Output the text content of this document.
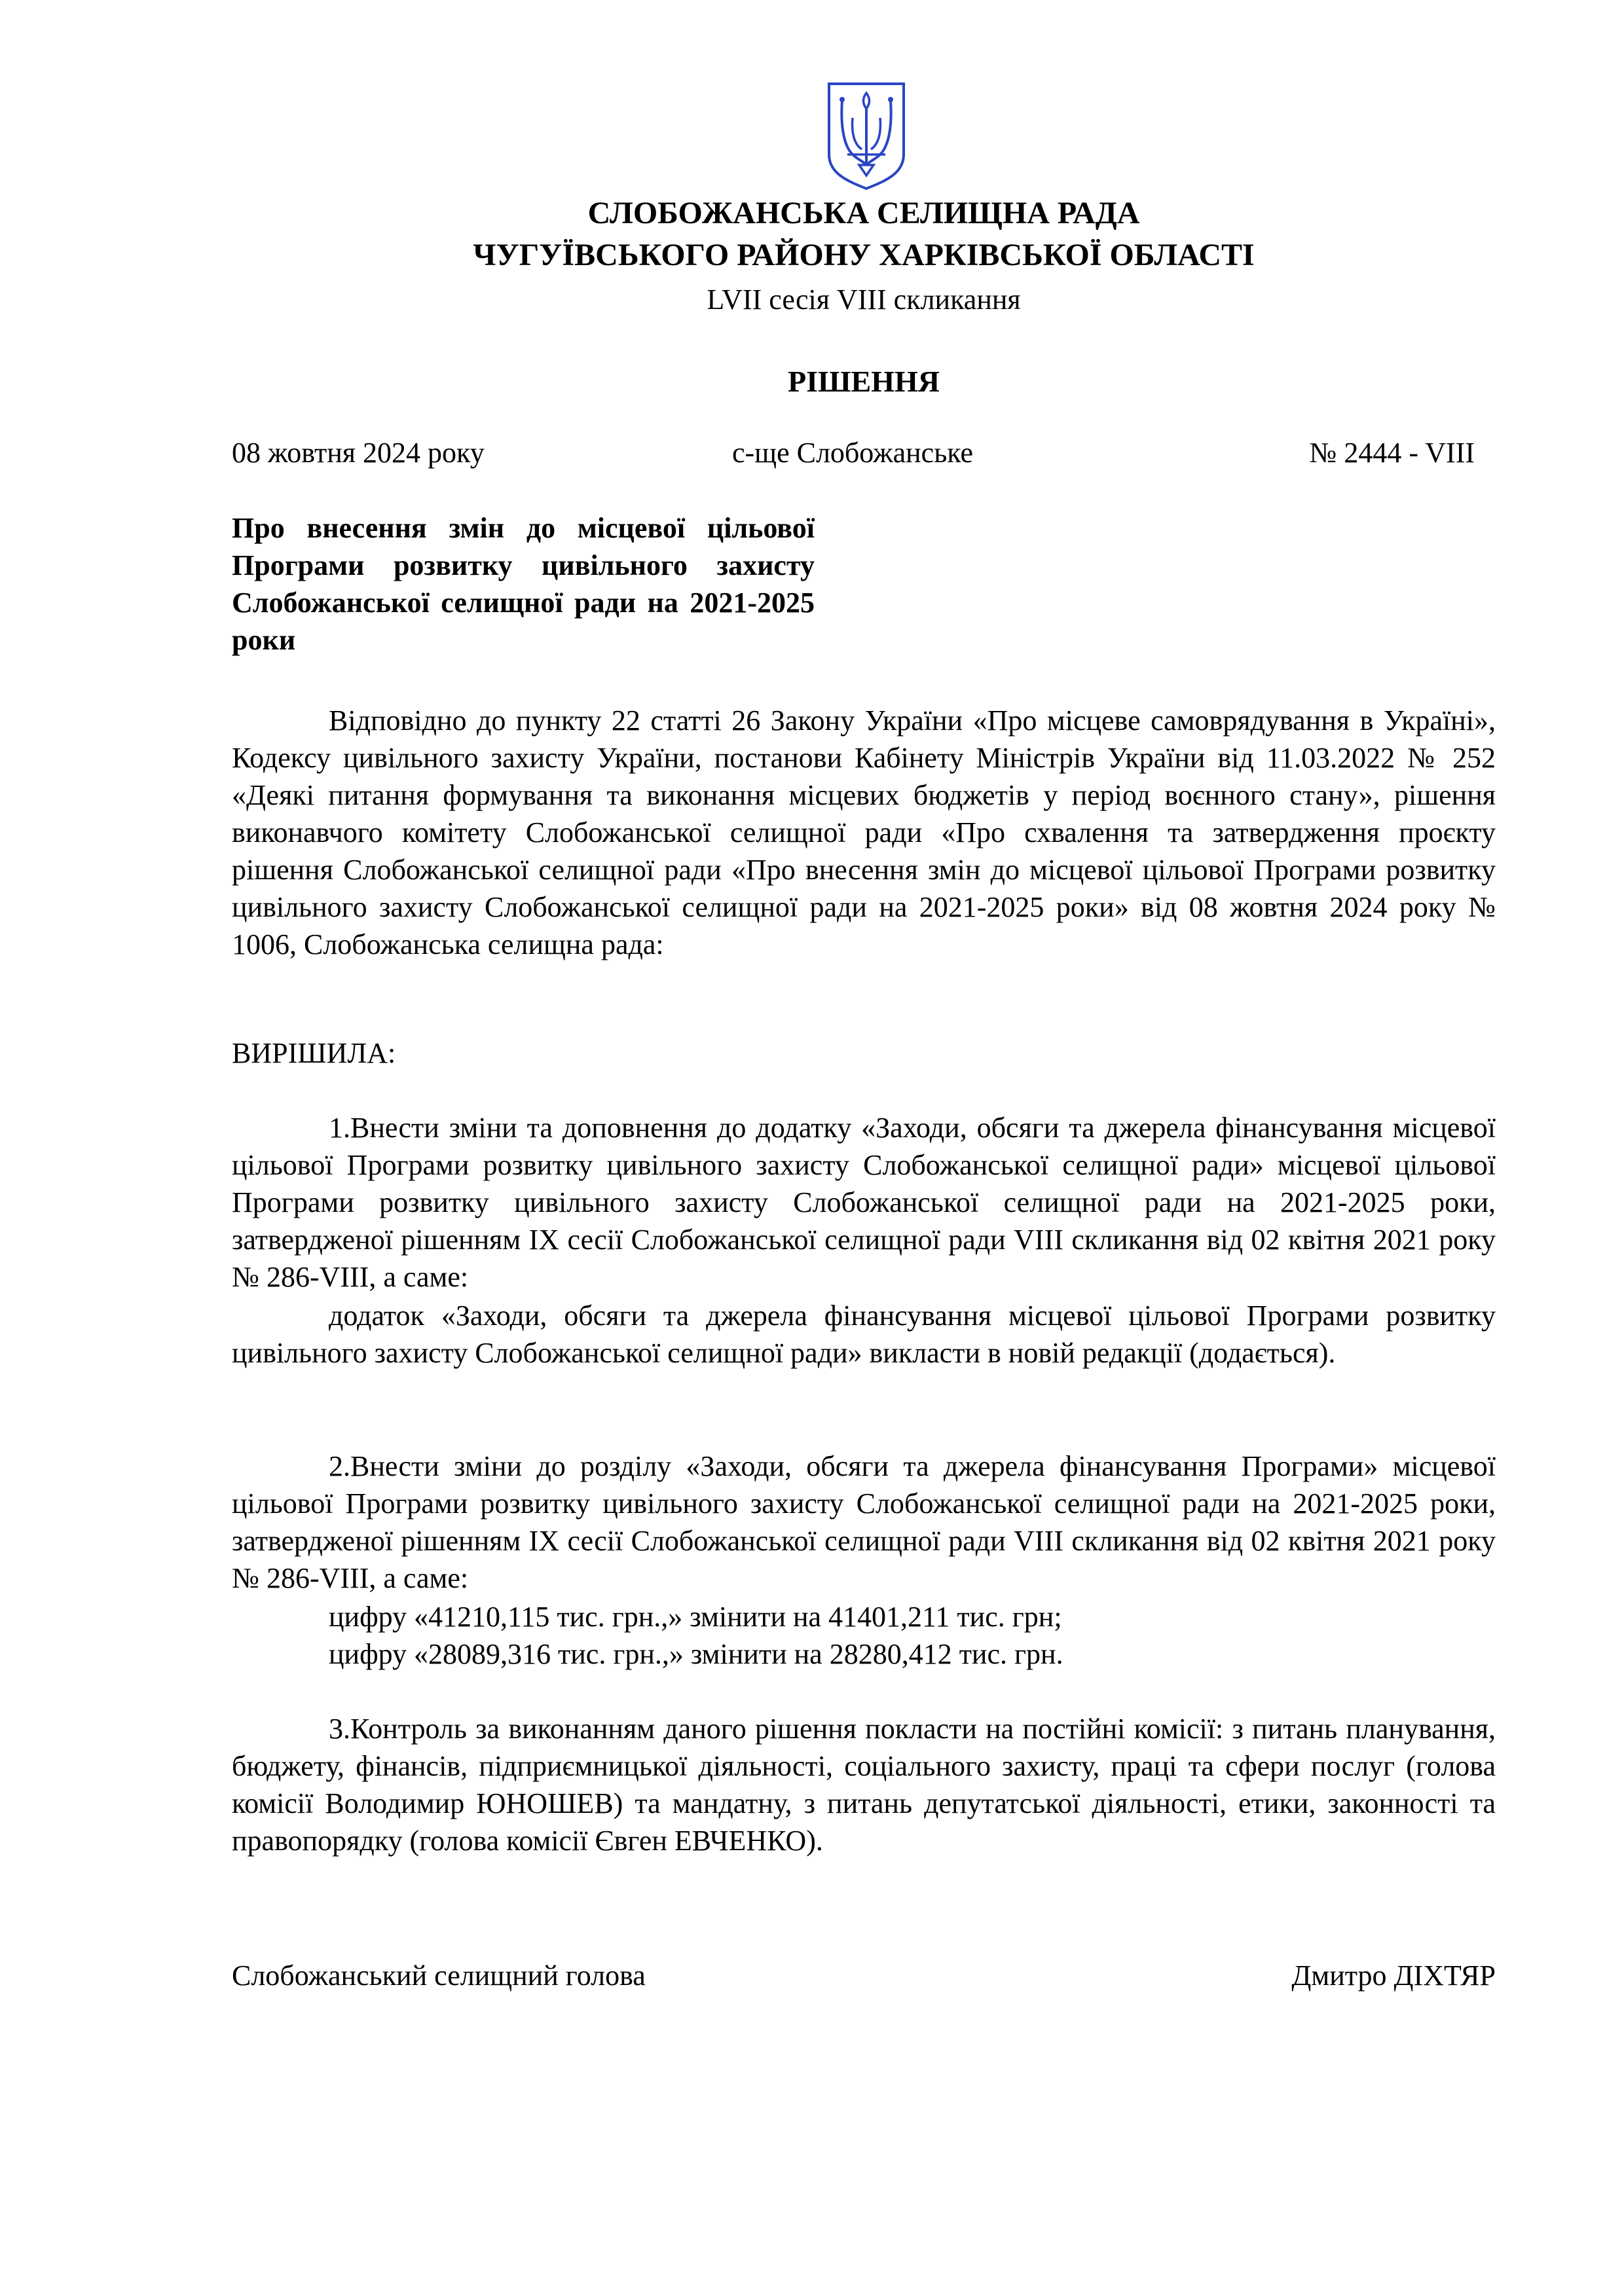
СЛОБОЖАНСЬКА СЕЛИЩНА РАДА
ЧУГУЇВСЬКОГО РАЙОНУ ХАРКІВСЬКОЇ ОБЛАСТІ
LVII сесія VIII скликання
РІШЕННЯ
08 жовтня 2024 року	с-ще Слобожанське	№ 2444 - VIII
Про внесення змін до місцевої цільової Програми розвитку цивільного захисту Слобожанської селищної ради на 2021-2025 роки

Відповідно до пункту 22 статті 26 Закону України «Про місцеве самоврядування в Україні», Кодексу цивільного захисту України, постанови Кабінету Міністрів України від 11.03.2022 № 252 «Деякі питання формування та виконання місцевих бюджетів у період воєнного стану», рішення виконавчого комітету Слобожанської селищної ради «Про схвалення та затвердження проєкту рішення Слобожанської селищної ради «Про внесення змін до місцевої цільової Програми розвитку цивільного захисту Слобожанської селищної ради на 2021-2025 роки» від 08 жовтня 2024 року № 1006, Слобожанська селищна рада:

ВИРІШИЛА:

1.Внести зміни та доповнення до додатку «Заходи, обсяги та джерела фінансування місцевої цільової Програми розвитку цивільного захисту Слобожанської селищної ради» місцевої цільової Програми розвитку цивільного захисту Слобожанської селищної ради на 2021-2025 роки, затвердженої рішенням IX сесії Слобожанської селищної ради VIII скликання від 02 квітня 2021 року № 286-VIII, а саме:

додаток «Заходи, обсяги та джерела фінансування місцевої цільової Програми розвитку цивільного захисту Слобожанської селищної ради» викласти в новій редакції (додається).

2.Внести зміни до розділу «Заходи, обсяги та джерела фінансування Програми» місцевої цільової Програми розвитку цивільного захисту Слобожанської селищної ради на 2021-2025 роки, затвердженої рішенням IX сесії Слобожанської селищної ради VIII скликання від 02 квітня 2021 року № 286-VIII, а саме:

цифру «41210,115 тис. грн.,» змінити на 41401,211 тис. грн;

цифру «28089,316 тис. грн.,» змінити на 28280,412 тис. грн.

3.Контроль за виконанням даного рішення покласти на постійні комісії: з питань планування, бюджету, фінансів, підприємницької діяльності, соціального захисту, праці та сфери послуг (голова комісії Володимир ЮНОШЕВ) та мандатну, з питань депутатської діяльності, етики, законності та правопорядку (голова комісії Євген ЕВЧЕНКО).

Слобожанський селищний голова	Дмитро ДІХТЯР
